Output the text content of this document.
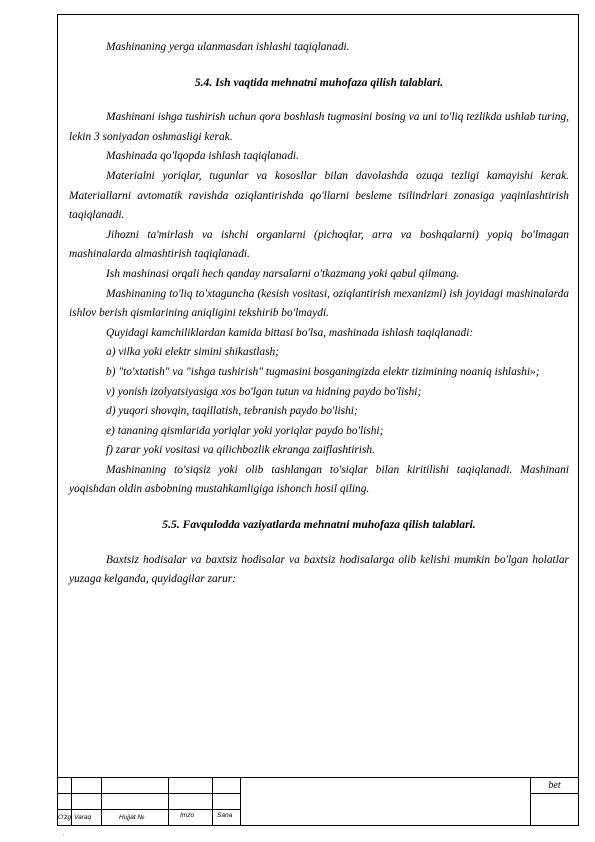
Mashinaning yerga ulanmasdan ishlashi taqiqlanadi.

5.4. Ish vaqtida mehnatni muhofaza qilish talablari.

Mashinani ishga tushirish uchun qora boshlash tugmasini bosing va uni to'liq tezlikda ushlab turing, lekin 3 soniyadan oshmasligi kerak.

Mashinada qo'lqopda ishlash taqiqlanadi.

Materialni yoriqlar, tugunlar va kososllar bilan davolashda ozuqa tezligi kamayishi kerak. Materiallarni avtomatik ravishda oziqlantirishda qo'llarni besleme tsilindrlari zonasiga yaqinlashtirish taqiqlanadi.

Jihozni ta'mirlash va ishchi organlarni (pichoqlar, arra va boshqalarni) yopiq bo'lmagan mashinalarda almashtirish taqiqlanadi.

Ish mashinasi orqali hech qanday narsalarni o'tkazmang yoki qabul qilmang.

Mashinaning to'liq to'xtaguncha (kesish vositasi, oziqlantirish mexanizmi) ish joyidagi mashinalarda ishlov berish qismlarining aniqligini tekshirib bo'lmaydi.

Quyidagi kamchiliklardan kamida bittasi bo'lsa, mashinada ishlash taqiqlanadi:

a) vilka yoki elektr simini shikastlash;

b) "to'xtatish" va "ishga tushirish" tugmasini bosganingizda elektr tizimining noaniq ishlashi»;

v) yonish izolyatsiyasiga xos bo'lgan tutun va hidning paydo bo'lishi;

d) yuqori shovqin, taqillatish, tebranish paydo bo'lishi;

e) tananing qismlarida yoriqlar yoki yoriqlar paydo bo'lishi;

f) zarar yoki vositasi va qilichbozlik ekranga zaiflashtirish.

Mashinaning to'siqsiz yoki olib tashlangan to'siqlar bilan kiritilishi taqiqlanadi. Mashinani yoqishdan oldin asbobning mustahkamligiga ishonch hosil qiling.

5.5. Favqulodda vaziyatlarda mehnatni muhofaza qilish talablari.

Baxtsiz hodisalar va baxtsiz hodisalar va baxtsiz hodisalarga olib kelishi mumkin bo'lgan holatlar yuzaga kelganda, quyidagilar zarur:

O'zg Varaq	Hujjat №	Imzo	Sana
bet
.
